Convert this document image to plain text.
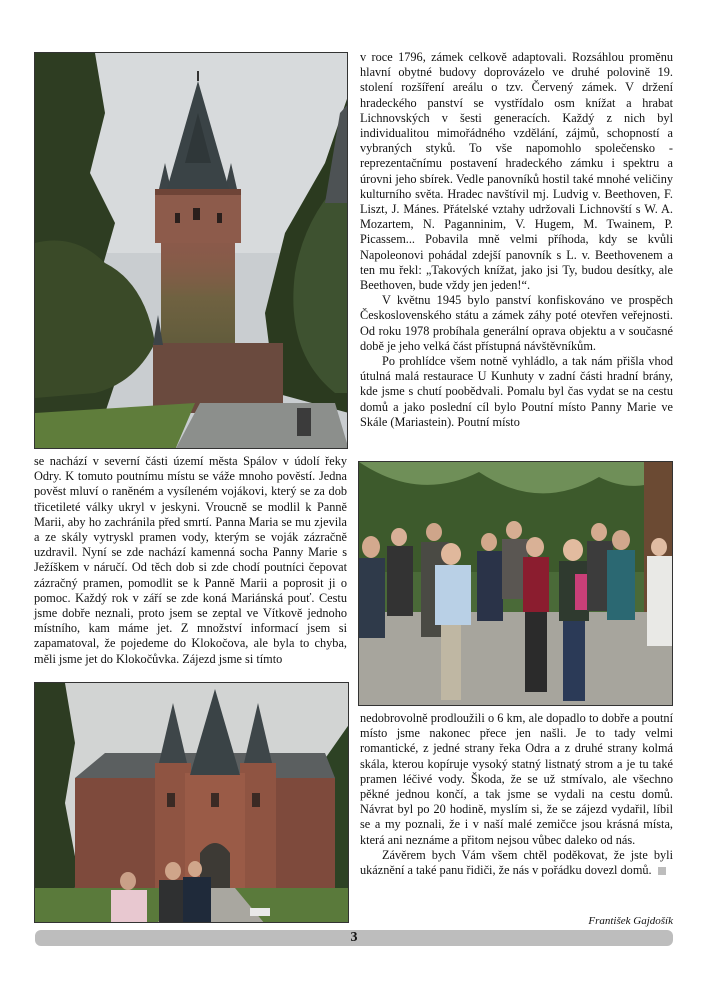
v roce 1796, zámek celkově adaptovali. Rozsáhlou proměnu hlavní obytné budovy doprovázelo ve druhé polovině 19. stolení rozšíření areálu o tzv. Červený zámek. V držení hradeckého panství se vystřídalo osm knížat a hrabat Lichnovských v šesti generacích. Každý z nich byl individualitou mimořádného vzdělání, zájmů, schopností a vybraných styků. To vše napomohlo společensko - reprezentačnímu postavení hradeckého zámku i spektru a úrovni jeho sbírek. Vedle panovníků hostil také mnohé veličiny kulturního světa. Hradec navštívil mj. Ludvig v. Beethoven, F. Liszt, J. Mánes. Přátelské vztahy udržovali Lichnovští s W. A. Mozartem, N. Paganninim, V. Hugem, M. Twainem, P. Picassem... Pobavila mně velmi příhoda, kdy se kvůli Napoleonovi pohádal zdejší panovník s L. v. Beethovenem a ten mu řekl: „Takových knížat, jako jsi Ty, budou desítky, ale Beethoven, bude vždy jen jeden!“.

V květnu 1945 bylo panství konfiskováno ve prospěch Československého státu a zámek záhy poté otevřen veřejnosti. Od roku 1978 probíhala generální oprava objektu a v současné době je jeho velká část přístupná návštěvníkům.

Po prohlídce všem notně vyhládlo, a tak nám přišla vhod útulná malá restaurace U Kunhuty v zadní části hradní brány, kde jsme s chutí poobědvali. Pomalu byl čas vydat se na cestu domů a jako poslední cíl bylo Poutní místo Panny Marie ve Skále (Mariastein). Poutní místo

se nachází v severní části území města Spálov v údolí řeky Odry. K tomuto poutnímu místu se váže mnoho pověstí. Jedna pověst mluví o raněném a vysíleném vojákovi, který se za dob třicetileté války ukryl v jeskyni. Vroucně se modlil k Panně Marii, aby ho zachránila před smrtí. Panna Maria se mu zjevila a ze skály vytryskl pramen vody, kterým se voják zázračně uzdravil. Nyní se zde nachází kamenná socha Panny Marie s Ježíškem v náručí. Od těch dob si zde chodí poutníci čepovat zázračný pramen, pomodlit se k Panně Marii a poprosit ji o pomoc. Každý rok v září se zde koná Mariánská pouť. Cestu jsme dobře neznali, proto jsem se zeptal ve Vítkově jednoho místního, kam máme jet. Z množství informací jsem si zapamatoval, že pojedeme do Klokočova, ale byla to chyba, měli jsme jet do Klokočůvka. Zájezd jsme si tímto

nedobrovolně prodloužili o 6 km, ale dopadlo to dobře a poutní místo jsme nakonec přece jen našli. Je to tady velmi romantické, z jedné strany řeka Odra a z druhé strany kolmá skála, kterou kopíruje vysoký statný listnatý strom a je tu také pramen léčivé vody. Škoda, že se už stmívalo, ale všechno pěkné jednou končí, a tak jsme se vydali na cestu domů. Návrat byl po 20 hodině, myslím si, že se zájezd vydařil, líbil se a my poznali, že i v naší malé zemičce jsou krásná místa, která ani neznáme a přitom nejsou vůbec daleko od nás.

Závěrem bych Vám všem chtěl poděkovat, že jste byli ukáznění a také panu řidiči, že nás v pořádku dovezl domů.

František Gajdošík
3
